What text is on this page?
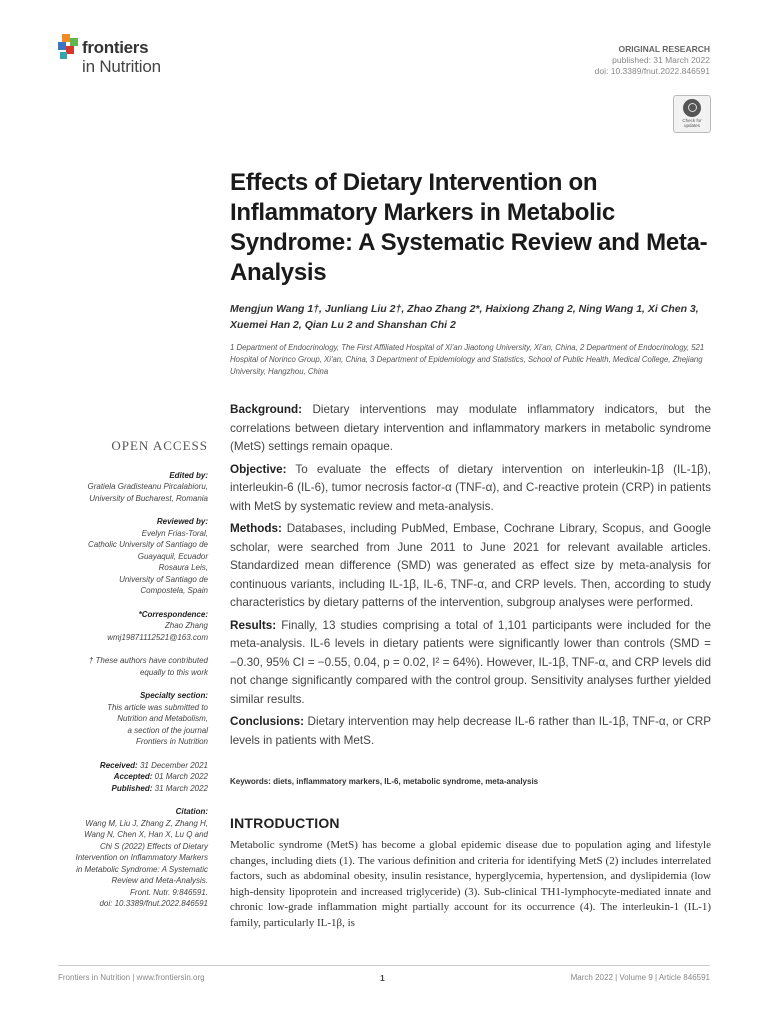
frontiers
in Nutrition
ORIGINAL RESEARCH
published: 31 March 2022
doi: 10.3389/fnut.2022.846591
Check for updates
Effects of Dietary Intervention on Inflammatory Markers in Metabolic Syndrome: A Systematic Review and Meta-Analysis
Mengjun Wang 1†, Junliang Liu 2†, Zhao Zhang 2*, Haixiong Zhang 2, Ning Wang 1, Xi Chen 3, Xuemei Han 2, Qian Lu 2 and Shanshan Chi 2
1 Department of Endocrinology, The First Affiliated Hospital of Xi'an Jiaotong University, Xi'an, China, 2 Department of Endocrinology, 521 Hospital of Norinco Group, Xi'an, China, 3 Department of Epidemiology and Statistics, School of Public Health, Medical College, Zhejiang University, Hangzhou, China
OPEN ACCESS
Edited by:
Gratiela Gradisteanu Pircalabioru,
University of Bucharest, Romania
Reviewed by:
Evelyn Frias-Toral,
Catholic University of Santiago de
Guayaquil, Ecuador
Rosaura Leis,
University of Santiago de
Compostela, Spain
*Correspondence:
Zhao Zhang
wmj19871112521@163.com
† These authors have contributed
equally to this work
Specialty section:
This article was submitted to
Nutrition and Metabolism,
a section of the journal
Frontiers in Nutrition
Received: 31 December 2021
Accepted: 01 March 2022
Published: 31 March 2022
Citation:
Wang M, Liu J, Zhang Z, Zhang H,
Wang N, Chen X, Han X, Lu Q and
Chi S (2022) Effects of Dietary
Intervention on Inflammatory Markers
in Metabolic Syndrome: A Systematic
Review and Meta-Analysis.
Front. Nutr. 9:846591.
doi: 10.3389/fnut.2022.846591

Background: Dietary interventions may modulate inflammatory indicators, but the correlations between dietary intervention and inflammatory markers in metabolic syndrome (MetS) settings remain opaque.

Objective: To evaluate the effects of dietary intervention on interleukin-1β (IL-1β), interleukin-6 (IL-6), tumor necrosis factor-α (TNF-α), and C-reactive protein (CRP) in patients with MetS by systematic review and meta-analysis.

Methods: Databases, including PubMed, Embase, Cochrane Library, Scopus, and Google scholar, were searched from June 2011 to June 2021 for relevant available articles. Standardized mean difference (SMD) was generated as effect size by meta-analysis for continuous variants, including IL-1β, IL-6, TNF-α, and CRP levels. Then, according to study characteristics by dietary patterns of the intervention, subgroup analyses were performed.

Results: Finally, 13 studies comprising a total of 1,101 participants were included for the meta-analysis. IL-6 levels in dietary patients were significantly lower than controls (SMD = −0.30, 95% CI = −0.55, 0.04, p = 0.02, I² = 64%). However, IL-1β, TNF-α, and CRP levels did not change significantly compared with the control group. Sensitivity analyses further yielded similar results.

Conclusions: Dietary intervention may help decrease IL-6 rather than IL-1β, TNF-α, or CRP levels in patients with MetS.

Keywords: diets, inflammatory markers, IL-6, metabolic syndrome, meta-analysis
INTRODUCTION
Metabolic syndrome (MetS) has become a global epidemic disease due to population aging and lifestyle changes, including diets (1). The various definition and criteria for identifying MetS (2) includes interrelated factors, such as abdominal obesity, insulin resistance, hyperglycemia, hypertension, and dyslipidemia (low high-density lipoprotein and increased triglyceride) (3). Sub-clinical TH1-lymphocyte-mediated innate and chronic low-grade inflammation might partially account for its occurrence (4). The interleukin-1 (IL-1) family, particularly IL-1β, is
Frontiers in Nutrition | www.frontiersin.org	1	March 2022 | Volume 9 | Article 846591
